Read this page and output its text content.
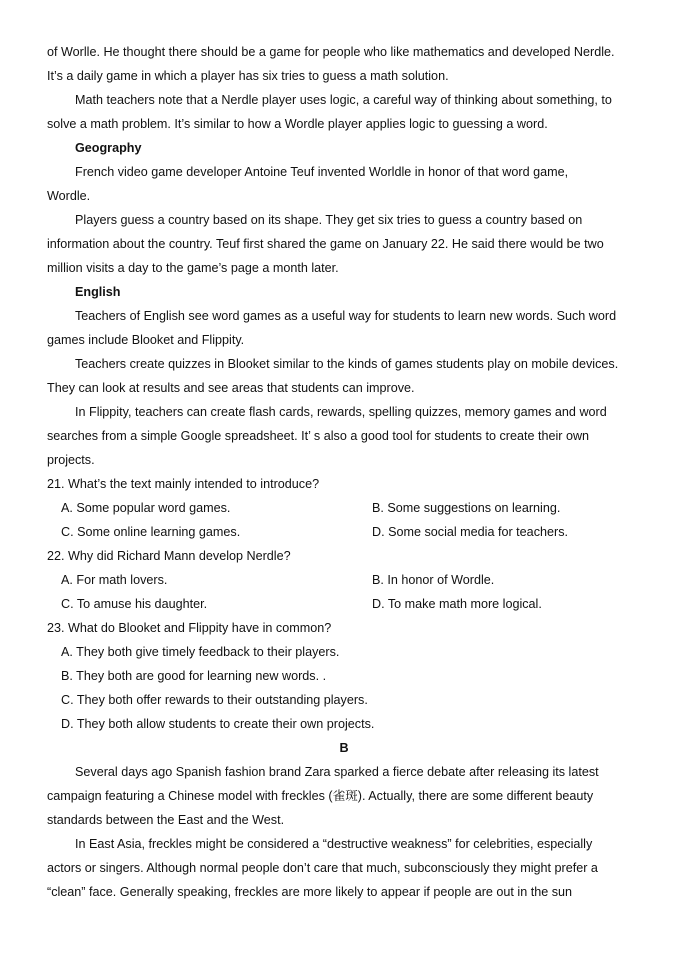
of Worlle. He thought there should be a game for people who like mathematics and developed Nerdle.
It’s a daily game in which a player has six tries to guess a math solution.
Math teachers note that a Nerdle player uses logic, a careful way of thinking about something, to
solve a math problem. It’s similar to how a Wordle player applies logic to guessing a word.
Geography
French video game developer Antoine Teuf invented Worldle in honor of that word game,
Wordle.
Players guess a country based on its shape. They get six tries to guess a country based on
information about the country. Teuf first shared the game on January 22. He said there would be two
million visits a day to the game’s page a month later.
English
Teachers of English see word games as a useful way for students to learn new words. Such word
games include Blooket and Flippity.
Teachers create quizzes in Blooket similar to the kinds of games students play on mobile devices.
They can look at results and see areas that students can improve.
In Flippity, teachers can create flash cards, rewards, spelling quizzes, memory games and word
searches from a simple Google spreadsheet. It’ s also a good tool for students to create their own
projects.
21. What’s the text mainly intended to introduce?
A. Some popular word games.	B. Some suggestions on learning.
C. Some online learning games.	D. Some social media for teachers.
22. Why did Richard Mann develop Nerdle?
A. For math lovers.	B. In honor of Wordle.
C. To amuse his daughter.	D. To make math more logical.
23. What do Blooket and Flippity have in common?
A. They both give timely feedback to their players.
B. They both are good for learning new words. .
C. They both offer rewards to their outstanding players.
D. They both allow students to create their own projects.
B
Several days ago Spanish fashion brand Zara sparked a fierce debate after releasing its latest
campaign featuring a Chinese model with freckles (雀斑). Actually, there are some different beauty
standards between the East and the West.
In East Asia, freckles might be considered a “destructive weakness” for celebrities, especially
actors or singers. Although normal people don’t care that much, subconsciously they might prefer a
“clean” face. Generally speaking, freckles are more likely to appear if people are out in the sun
